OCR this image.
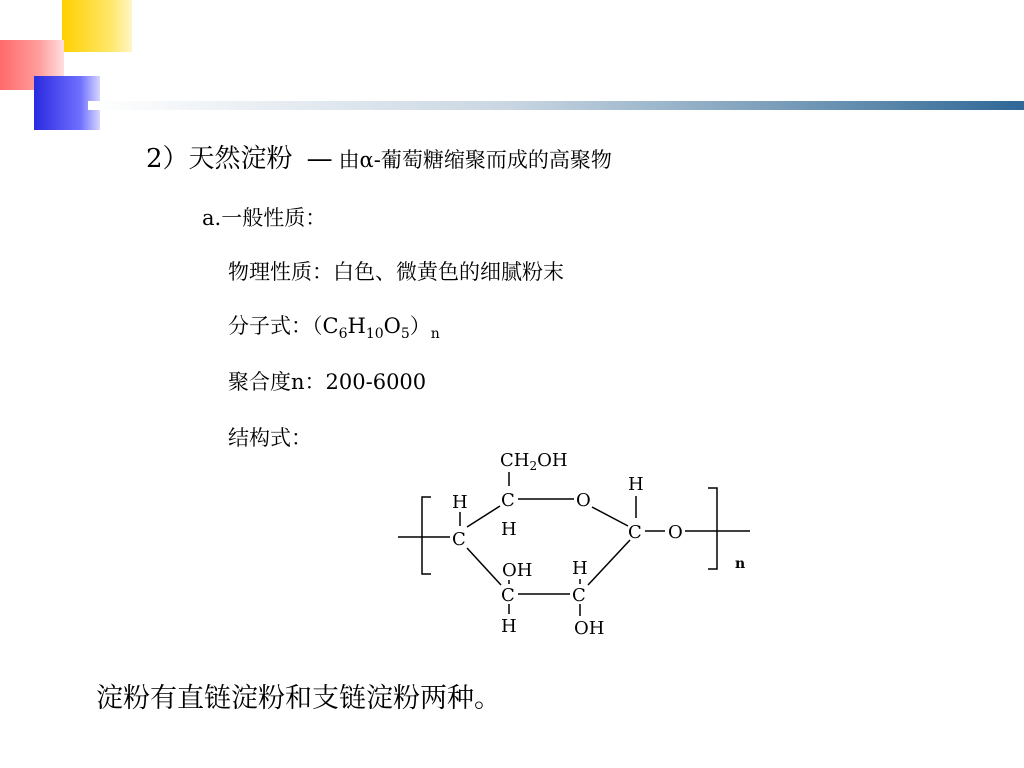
2）天然淀粉 — 由α-葡萄糖缩聚而成的高聚物
a.一般性质：
物理性质：白色、微黄色的细腻粉末
分子式：$(C_6H_{10}O_5)_n$
聚合度n：200-6000
结构式：
$CH_2OH$
H
C
C
H
O
H
C O
OH
C
H
H
C
OH
n
淀粉有直链淀粉和支链淀粉两种。
